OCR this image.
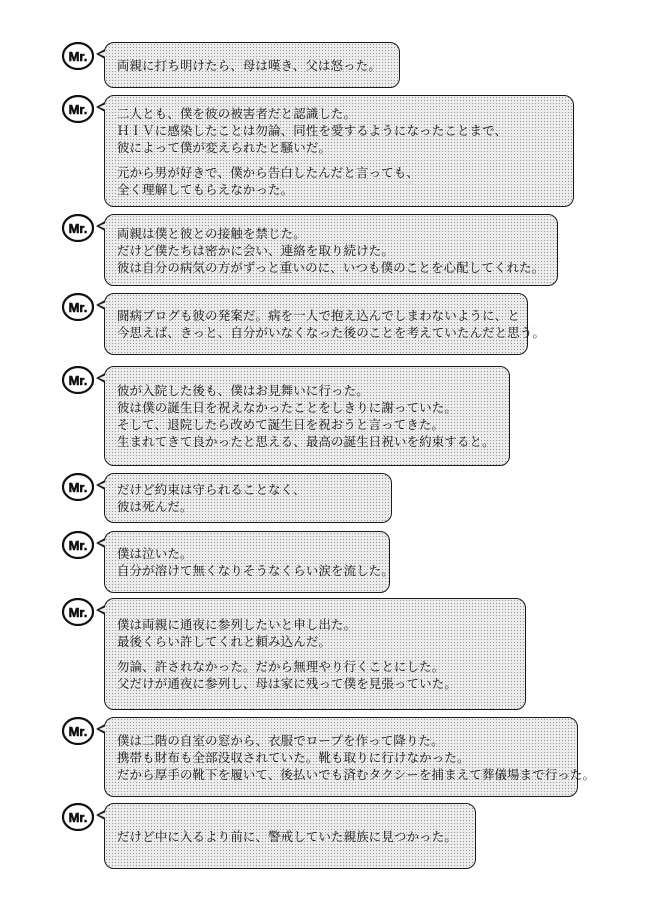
Mr.
両親に打ち明けたら、母は嘆き、父は怒った。
Mr. 二人とも、僕を彼の被害者だと認識した。
ＨＩＶに感染したことは勿論、同性を愛するようになったことまで、
彼によって僕が変えられたと騒いだ。
元から男が好きで、僕から告白したんだと言っても、
全く理解してもらえなかった。
Mr. 両親は僕と彼との接触を禁じた。
だけど僕たちは密かに会い、連絡を取り続けた。
彼は自分の病気の方がずっと重いのに、いつも僕のことを心配してくれた。
Mr.
闘病ブログも彼の発案だ。病を一人で抱え込んでしまわないように、と
今思えば、きっと、自分がいなくなった後のことを考えていたんだと思う。
Mr.
彼が入院した後も、僕はお見舞いに行った。
彼は僕の誕生日を祝えなかったことをしきりに謝っていた。
そして、退院したら改めて誕生日を祝おうと言ってきた。
生まれてきて良かったと思える、最高の誕生日祝いを約束すると。
Mr. だけど約束は守られることなく、
彼は死んだ。
Mr.
僕は泣いた。
自分が溶けて無くなりそうなくらい涙を流した。
Mr.
僕は両親に通夜に参列したいと申し出た。
最後くらい許してくれと頼み込んだ。
勿論、許されなかった。だから無理やり行くことにした。
父だけが通夜に参列し、母は家に残って僕を見張っていた。
Mr.
僕は二階の自室の窓から、衣服でロープを作って降りた。
携帯も財布も全部没収されていた。靴も取りに行けなかった。
だから厚手の靴下を履いて、後払いでも済むタクシーを捕まえて葬儀場まで行った。
Mr.
だけど中に入るより前に、警戒していた親族に見つかった。
